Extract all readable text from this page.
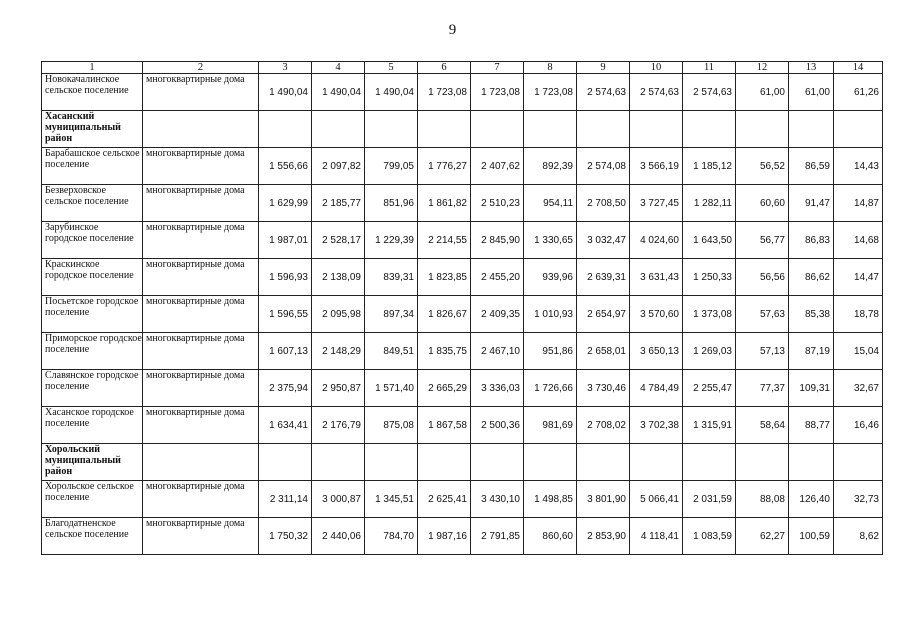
9
1	2	3	4	5	6	7	8	9	10	11	12	13	14
Новокачалинское сельское поселение	многоквартирные дома	1 490,04	1 490,04	1 490,04	1 723,08	1 723,08	1 723,08	2 574,63	2 574,63	2 574,63	61,00	61,00	61,26
Хасанский муниципальный район													
Барабашское сельское поселение	многоквартирные дома	1 556,66	2 097,82	799,05	1 776,27	2 407,62	892,39	2 574,08	3 566,19	1 185,12	56,52	86,59	14,43
Безверховское сельское поселение	многоквартирные дома	1 629,99	2 185,77	851,96	1 861,82	2 510,23	954,11	2 708,50	3 727,45	1 282,11	60,60	91,47	14,87
Зарубинское городское поселение	многоквартирные дома	1 987,01	2 528,17	1 229,39	2 214,55	2 845,90	1 330,65	3 032,47	4 024,60	1 643,50	56,77	86,83	14,68
Краскинское городское поселение	многоквартирные дома	1 596,93	2 138,09	839,31	1 823,85	2 455,20	939,96	2 639,31	3 631,43	1 250,33	56,56	86,62	14,47
Посьетское городское поселение	многоквартирные дома	1 596,55	2 095,98	897,34	1 826,67	2 409,35	1 010,93	2 654,97	3 570,60	1 373,08	57,63	85,38	18,78
Приморское городское поселение	многоквартирные дома	1 607,13	2 148,29	849,51	1 835,75	2 467,10	951,86	2 658,01	3 650,13	1 269,03	57,13	87,19	15,04
Славянское городское поселение	многоквартирные дома	2 375,94	2 950,87	1 571,40	2 665,29	3 336,03	1 726,66	3 730,46	4 784,49	2 255,47	77,37	109,31	32,67
Хасанское городское поселение	многоквартирные дома	1 634,41	2 176,79	875,08	1 867,58	2 500,36	981,69	2 708,02	3 702,38	1 315,91	58,64	88,77	16,46
Хорольский муниципальный район													
Хорольское сельское поселение	многоквартирные дома	2 311,14	3 000,87	1 345,51	2 625,41	3 430,10	1 498,85	3 801,90	5 066,41	2 031,59	88,08	126,40	32,73
Благодатненское сельское поселение	многоквартирные дома	1 750,32	2 440,06	784,70	1 987,16	2 791,85	860,60	2 853,90	4 118,41	1 083,59	62,27	100,59	8,62
